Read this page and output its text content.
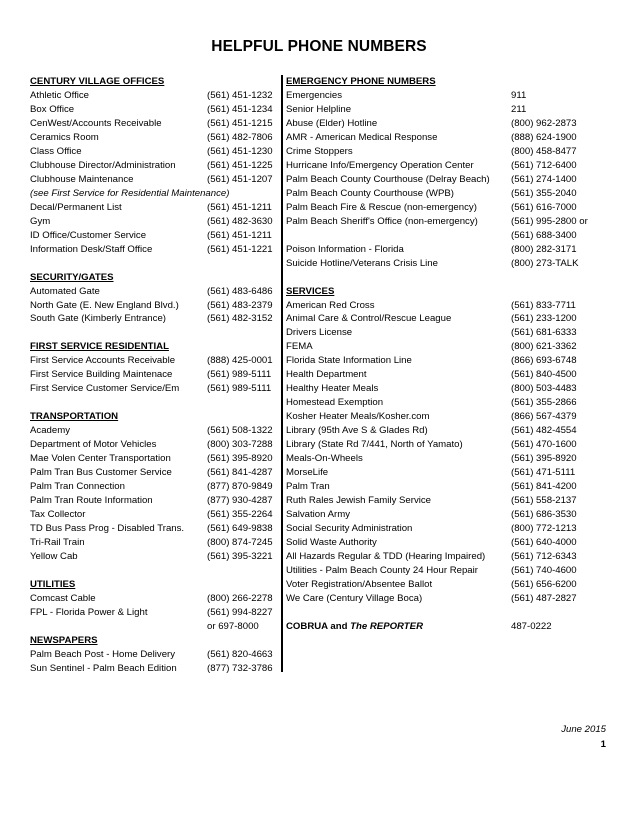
HELPFUL PHONE NUMBERS
CENTURY VILLAGE OFFICES
Athletic Office	(561) 451-1232
Box Office	(561) 451-1234
CenWest/Accounts Receivable	(561) 451-1215
Ceramics Room	(561) 482-7806
Class Office	(561) 451-1230
Clubhouse Director/Administration	(561) 451-1225
Clubhouse Maintenance	(561) 451-1207
(see First Service for Residential Maintenance)
Decal/Permanent List	(561) 451-1211
Gym	(561) 482-3630
ID Office/Customer Service	(561) 451-1211
Information Desk/Staff Office	(561) 451-1221
SECURITY/GATES
Automated Gate	(561) 483-6486
North Gate (E. New England Blvd.)	(561) 483-2379
South Gate (Kimberly Entrance)	(561) 482-3152
FIRST SERVICE RESIDENTIAL
First Service Accounts Receivable	(888) 425-0001
First Service Building Maintenace	(561) 989-5111
First Service Customer Service/Em	(561) 989-5111
TRANSPORTATION
Academy	(561) 508-1322
Department of Motor Vehicles	(800) 303-7288
Mae Volen Center Transportation	(561) 395-8920
Palm Tran Bus Customer Service	(561) 841-4287
Palm Tran Connection	(877) 870-9849
Palm Tran Route Information	(877) 930-4287
Tax Collector	(561) 355-2264
TD Bus Pass Prog - Disabled Trans. (561) 649-9838
Tri-Rail Train	(800) 874-7245
Yellow Cab	(561) 395-3221
UTILITIES
Comcast Cable	(800) 266-2278
FPL - Florida Power & Light	(561) 994-8227
or 697-8000
NEWSPAPERS
Palm Beach Post - Home Delivery	(561) 820-4663
Sun Sentinel - Palm Beach Edition	(877) 732-3786
EMERGENCY PHONE NUMBERS
Emergencies	911
Senior Helpline	211
Abuse (Elder) Hotline	(800) 962-2873
AMR - American Medical Response	(888) 624-1900
Crime Stoppers	(800) 458-8477
Hurricane Info/Emergency Operation Center	(561) 712-6400
Palm Beach County Courthouse (Delray Beach) (561) 274-1400
Palm Beach County Courthouse (WPB)	(561) 355-2040
Palm Beach Fire & Rescue (non-emergency)	(561) 616-7000
Palm Beach Sheriff's Office (non-emergency)	(561) 995-2800 or
(561) 688-3400
Poison Information - Florida	(800) 282-3171
Suicide Hotline/Veterans Crisis Line	(800) 273-TALK
SERVICES
American Red Cross	(561) 833-7711
Animal Care & Control/Rescue League	(561) 233-1200
Drivers License	(561) 681-6333
FEMA	(800) 621-3362
Florida State Information Line	(866) 693-6748
Health Department	(561) 840-4500
Healthy Heater Meals	(800) 503-4483
Homestead Exemption	(561) 355-2866
Kosher Heater Meals/Kosher.com	(866) 567-4379
Library (95th Ave S & Glades Rd)	(561) 482-4554
Library (State Rd 7/441, North of Yamato)	(561) 470-1600
Meals-On-Wheels	(561) 395-8920
MorseLife	(561) 471-5111
Palm Tran	(561) 841-4200
Ruth Rales Jewish Family Service	(561) 558-2137
Salvation Army	(561) 686-3530
Social Security Administration	(800) 772-1213
Solid Waste Authority	(561) 640-4000
All Hazards Regular & TDD (Hearing Impaired)	(561) 712-6343
Utilities - Palm Beach County 24 Hour Repair	(561) 740-4600
Voter Registration/Absentee Ballot	(561) 656-6200
We Care (Century Village Boca)	(561) 487-2827
COBRUA and The REPORTER	487-0222
June 2015
1
